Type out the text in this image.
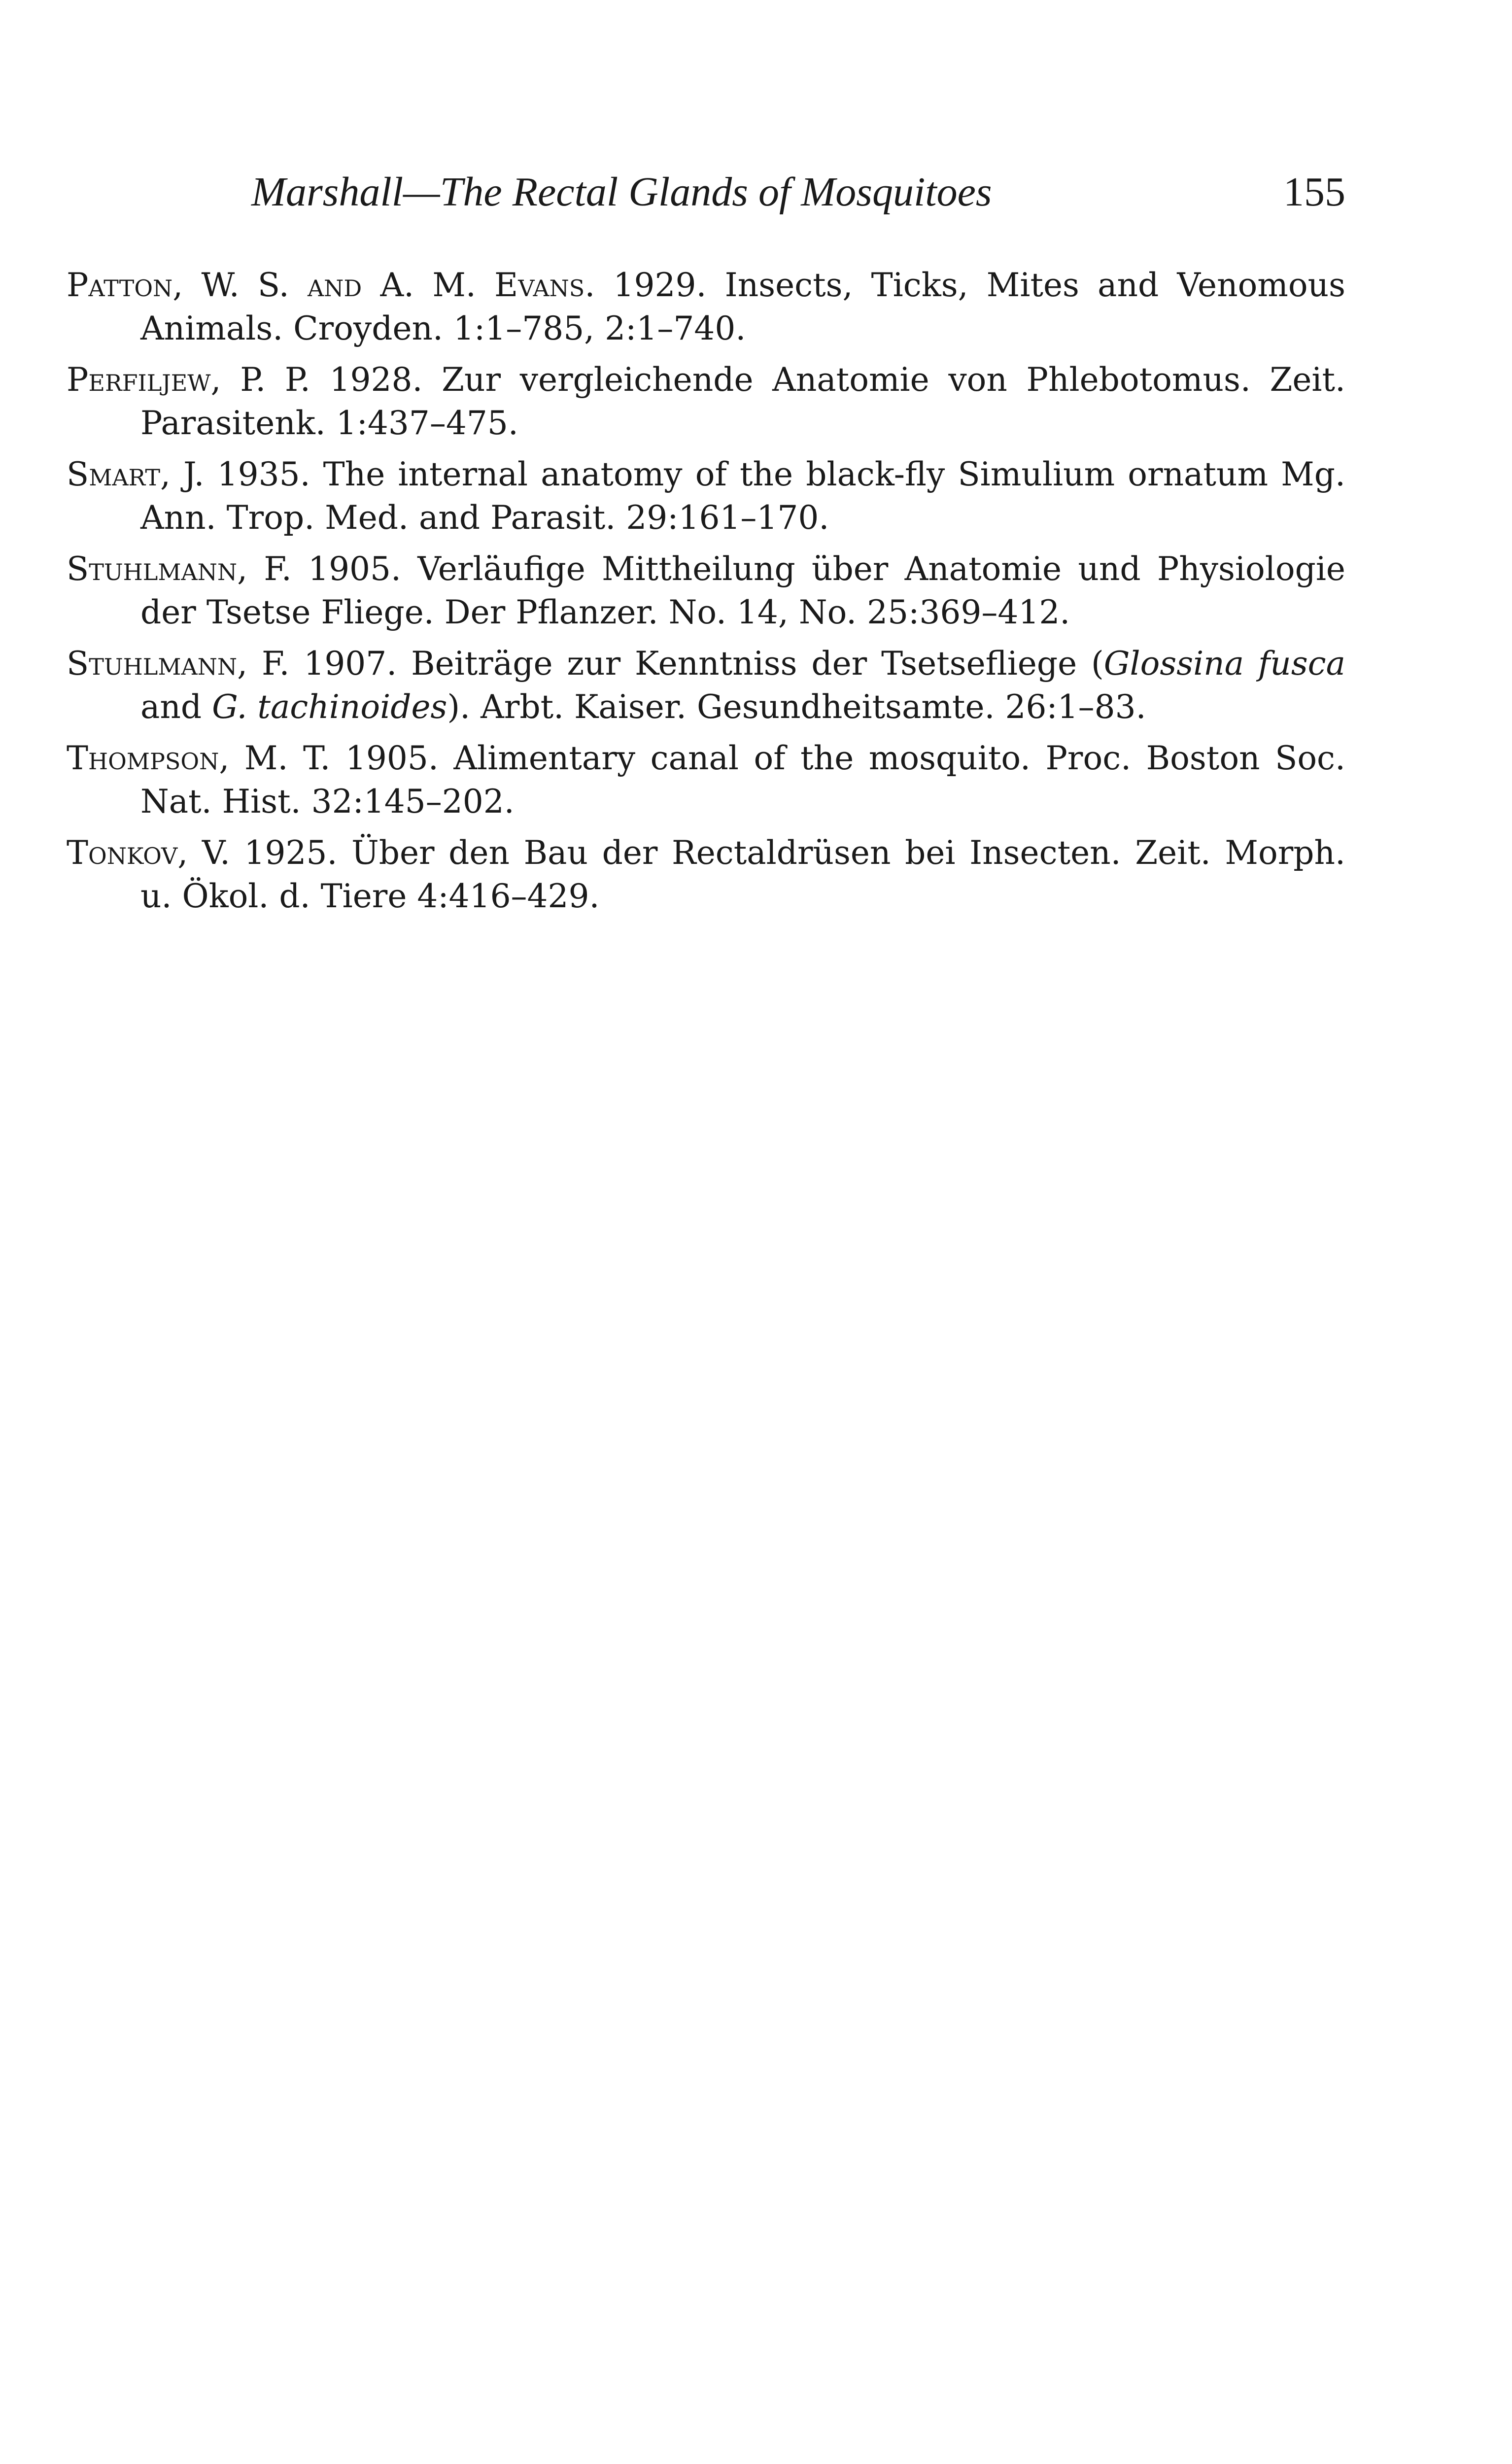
Marshall—The Rectal Glands of Mosquitoes	155
Patton, W. S. and A. M. Evans. 1929. Insects, Ticks, Mites and Venomous Animals. Croyden. 1:1–785, 2:1–740.
Perfiljew, P. P. 1928. Zur vergleichende Anatomie von Phlebotomus. Zeit. Parasitenk. 1:437–475.
Smart, J. 1935. The internal anatomy of the black-fly Simulium ornatum Mg. Ann. Trop. Med. and Parasit. 29:161–170.
Stuhlmann, F. 1905. Verläufige Mittheilung über Anatomie und Physiologie der Tsetse Fliege. Der Pflanzer. No. 14, No. 25:369–412.
Stuhlmann, F. 1907. Beiträge zur Kenntniss der Tsetsefliege (Glossina fusca and G. tachinoides). Arbt. Kaiser. Gesundheitsamte. 26:1–83.
Thompson, M. T. 1905. Alimentary canal of the mosquito. Proc. Boston Soc. Nat. Hist. 32:145–202.
Tonkov, V. 1925. Über den Bau der Rectaldrüsen bei Insecten. Zeit. Morph. u. Ökol. d. Tiere 4:416–429.
